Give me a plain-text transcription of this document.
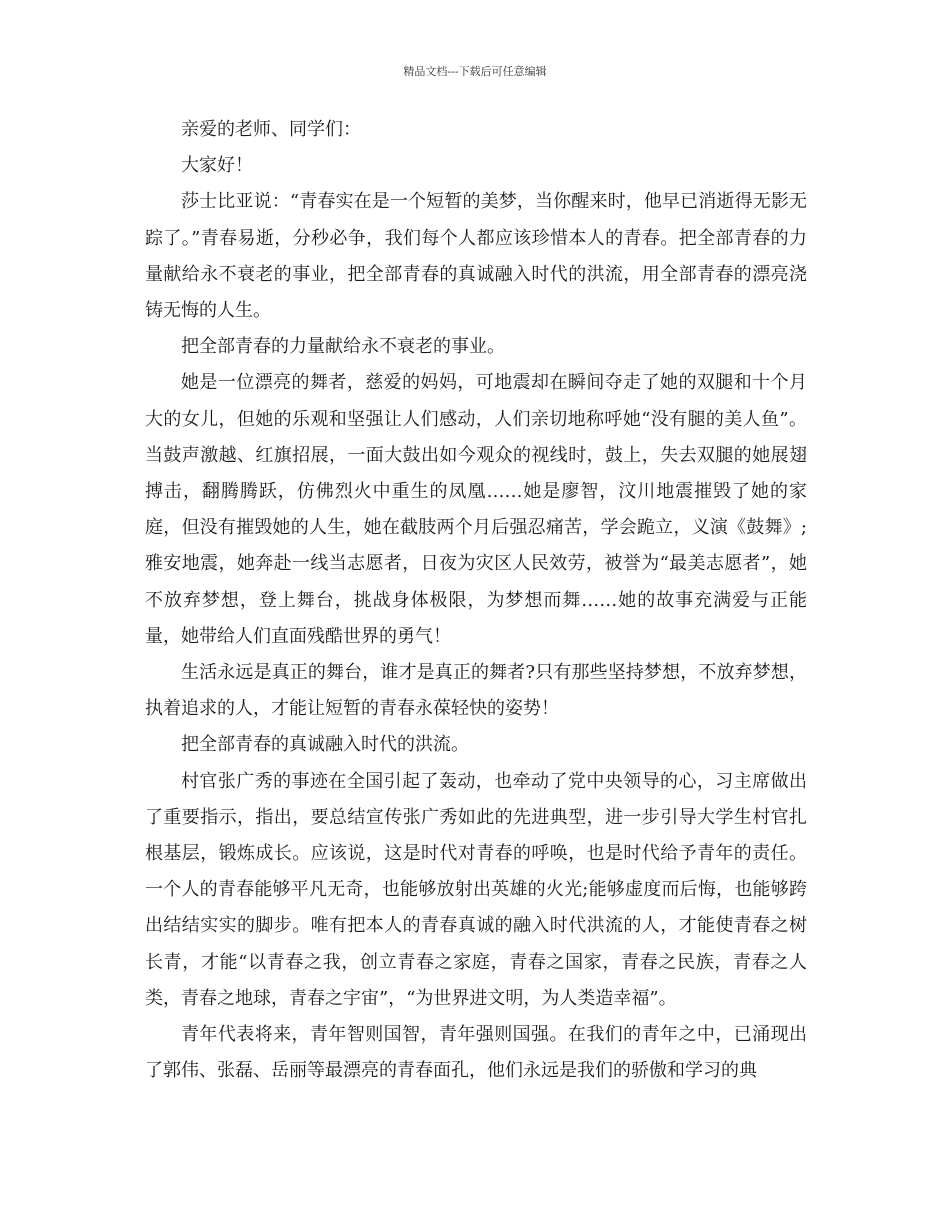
精品文档---下载后可任意编辑

亲爱的老师、同学们：

大家好！

莎士比亚说：“青春实在是一个短暂的美梦，当你醒来时，他早已消逝得无影无踪了。”青春易逝，分秒必争，我们每个人都应该珍惜本人的青春。把全部青春的力量献给永不衰老的事业，把全部青春的真诚融入时代的洪流，用全部青春的漂亮浇铸无悔的人生。

把全部青春的力量献给永不衰老的事业。

她是一位漂亮的舞者，慈爱的妈妈，可地震却在瞬间夺走了她的双腿和十个月大的女儿，但她的乐观和坚强让人们感动，人们亲切地称呼她“没有腿的美人鱼”。当鼓声激越、红旗招展，一面大鼓出如今观众的视线时，鼓上，失去双腿的她展翅搏击，翻腾腾跃，仿佛烈火中重生的凤凰……她是廖智，汶川地震摧毁了她的家庭，但没有摧毁她的人生，她在截肢两个月后强忍痛苦，学会跪立，义演《鼓舞》;雅安地震，她奔赴一线当志愿者，日夜为灾区人民效劳，被誉为“最美志愿者”，她不放弃梦想，登上舞台，挑战身体极限，为梦想而舞……她的故事充满爱与正能量，她带给人们直面残酷世界的勇气！

生活永远是真正的舞台，谁才是真正的舞者?只有那些坚持梦想，不放弃梦想，执着追求的人，才能让短暂的青春永葆轻快的姿势！

把全部青春的真诚融入时代的洪流。

村官张广秀的事迹在全国引起了轰动，也牵动了党中央领导的心，习主席做出了重要指示，指出，要总结宣传张广秀如此的先进典型，进一步引导大学生村官扎根基层，锻炼成长。应该说，这是时代对青春的呼唤，也是时代给予青年的责任。一个人的青春能够平凡无奇，也能够放射出英雄的火光;能够虚度而后悔，也能够跨出结结实实的脚步。唯有把本人的青春真诚的融入时代洪流的人，才能使青春之树长青，才能“以青春之我，创立青春之家庭，青春之国家，青春之民族，青春之人类，青春之地球，青春之宇宙”，“为世界进文明，为人类造幸福”。

青年代表将来，青年智则国智，青年强则国强。在我们的青年之中，已涌现出了郭伟、张磊、岳丽等最漂亮的青春面孔，他们永远是我们的骄傲和学习的典
